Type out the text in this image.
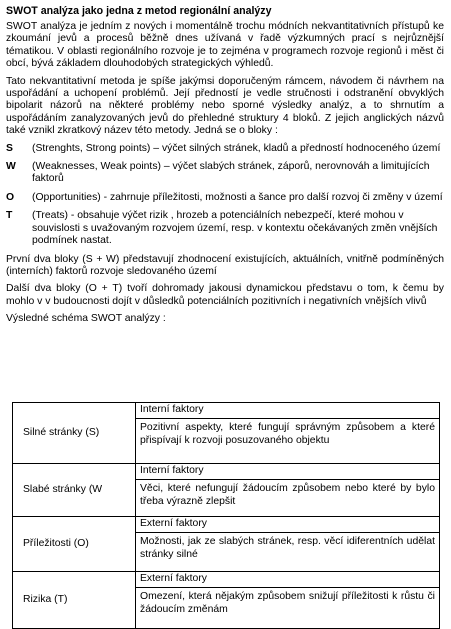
SWOT analýza jako jedna z metod regionální analýzy

SWOT analýza je jedním z nových i momentálně trochu módních nekvantitativních přístupů ke zkoumání jevů a procesů běžně dnes užívaná v řadě výzkumných prací s nejrůznější tématikou. V oblasti regionálního rozvoje je to zejména v programech rozvoje regionů i měst či obcí, bývá základem dlouhodobých strategických výhledů.

Tato nekvantitativní metoda je spíše jakýmsi doporučeným rámcem, návodem či návrhem na uspořádání a uchopení problémů. Její předností je vedle stručnosti i odstranění obvyklých bipolarit názorů na některé problémy nebo sporné výsledky analýz, a to shrnutím a uspořádáním zanalyzovaných jevů do přehledné struktury 4 bloků. Z jejich anglických názvů také vznikl zkratkový název této metody. Jedná se o bloky :

S	(Strenghts, Strong points) – výčet silných stránek, kladů a předností hodnoceného území
W	(Weaknesses, Weak points) – výčet slabých stránek, záporů, nerovnováh a limitujících faktorů
O	(Opportunities) - zahrnuje příležitosti, možnosti a šance pro další rozvoj či změny v území
T	(Treats) - obsahuje výčet rizik , hrozeb a potenciálních nebezpečí, které mohou v souvislosti s uvažovaným rozvojem území, resp. v kontextu očekávaných změn vnějších podmínek nastat.

První dva bloky (S + W) představují zhodnocení existujících, aktuálních, vnitřně podmíněných (interních) faktorů rozvoje sledovaného území

Další dva bloky (O + T) tvoří dohromady jakousi dynamickou představu o tom, k čemu by mohlo v v budoucnosti dojít v důsledků potenciálních pozitivních i negativních vnějších vlivů

Výsledné schéma SWOT analýzy :

Silné stránky (S)	Interní faktory
Pozitivní aspekty, které fungují správným způsobem a které přispívají k rozvoji posuzovaného objektu

Slabé stránky (W	Interní faktory
Věci, které nefungují žádoucím způsobem nebo které by bylo třeba výrazně zlepšit

Příležitosti (O)	Externí faktory
Možnosti, jak ze slabých stránek, resp. věcí idiferentních udělat stránky silné

Rizika (T)	Externí faktory
Omezení, která nějakým způsobem snižují příležitosti k růstu či žádoucím změnám
